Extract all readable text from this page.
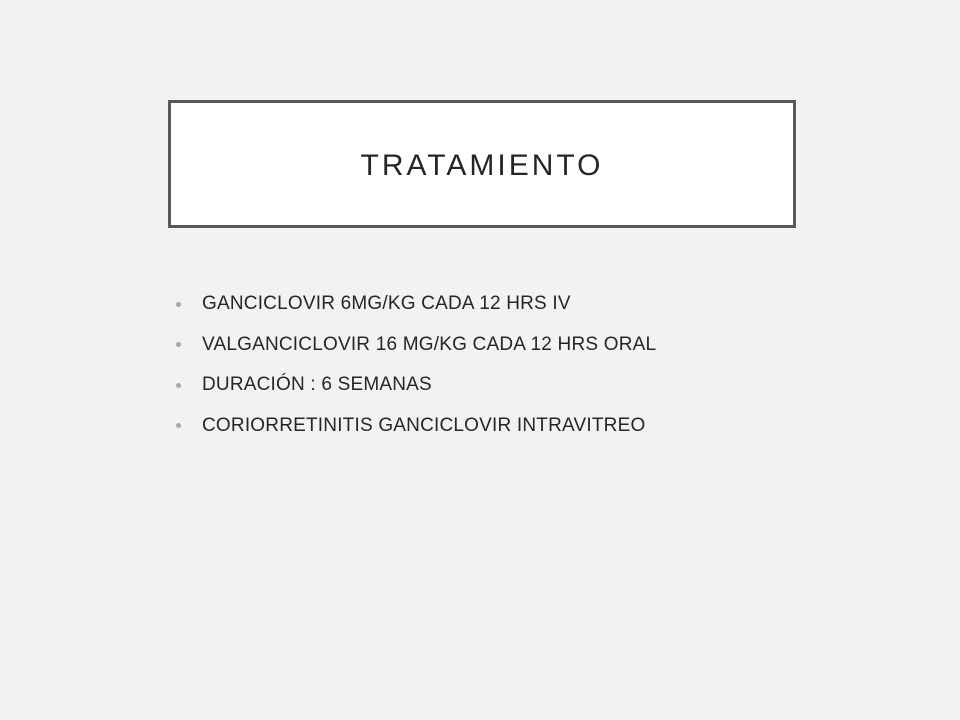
TRATAMIENTO
GANCICLOVIR 6MG/KG CADA 12 HRS IV
VALGANCICLOVIR 16 MG/KG CADA 12 HRS ORAL
DURACIÓN : 6 SEMANAS
CORIORRETINITIS GANCICLOVIR INTRAVITREO
